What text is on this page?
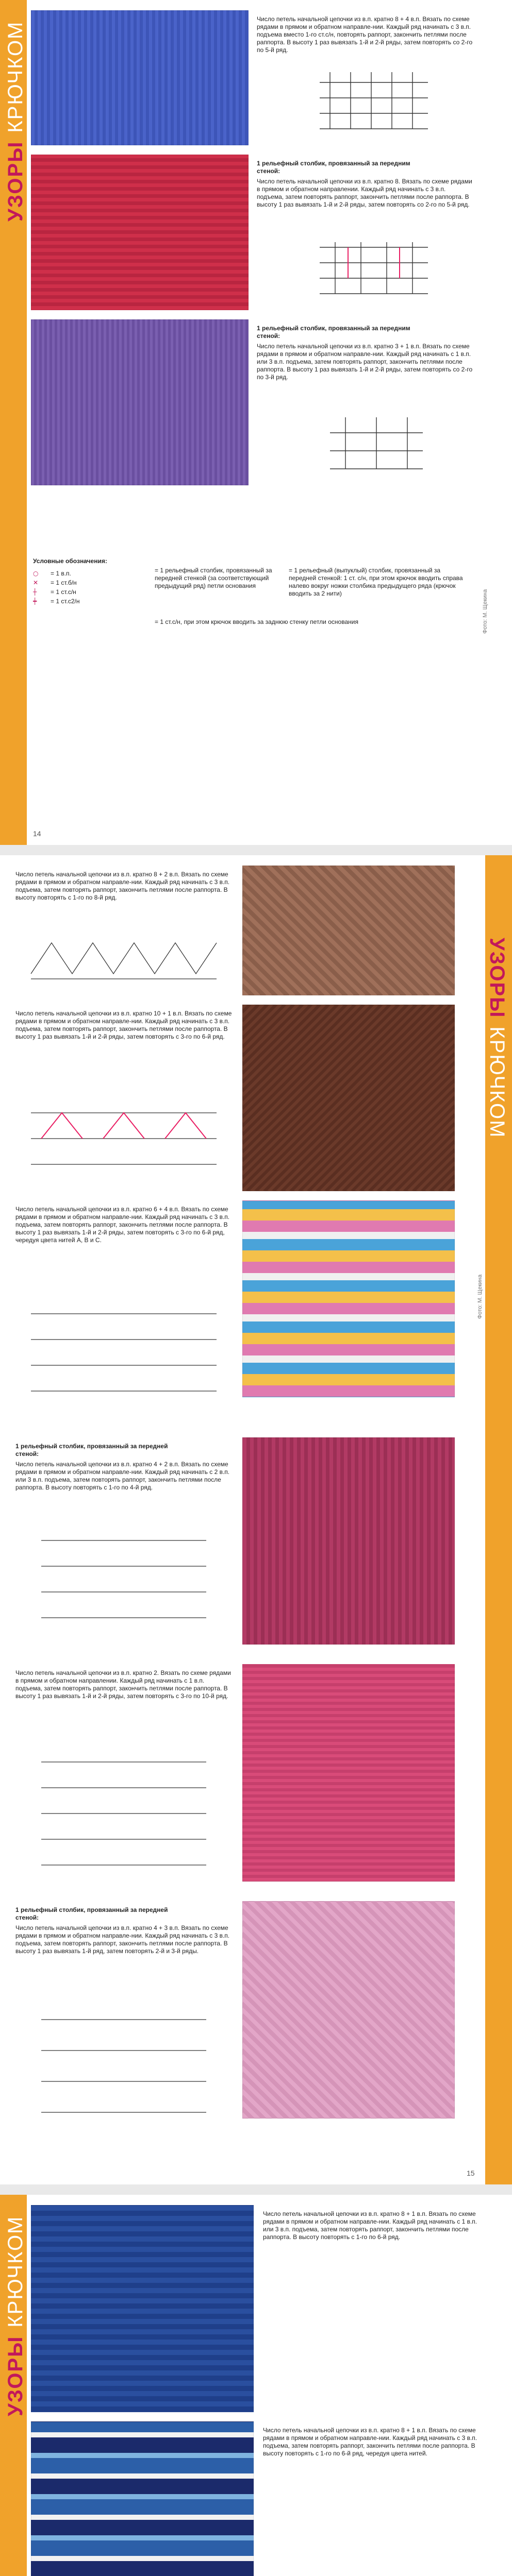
УЗОРЫКРЮЧКОМ
14
Фото: М. Щекина
Число петель начальной цепочки из в.п. кратно 8 + 4 в.п. Вязать по схеме рядами в прямом и обратном направле-нии. Каждый ряд начинать с 3 в.п. подъема вместо 1-го ст.с/н, повторять раппорт, закончить петлями после раппорта. В высоту 1 раз вывязать 1-й и 2-й ряды, затем повторять со 2-го по 5-й ряд.
1 рельефный столбик, провязанный за передним
стеной:
Число петель начальной цепочки из в.п. кратно 8. Вязать по схеме рядами в прямом и обратном направлении. Каждый ряд начинать с 3 в.п. подъема, затем повторять раппорт, закончить петлями после раппорта. В высоту 1 раз вывязать 1-й и 2-й ряды, затем повторять со 2-го по 5-й ряд.
1 рельефный столбик, провязанный за передним
стеной:
Число петель начальной цепочки из в.п. кратно 3 + 1 в.п. Вязать по схеме рядами в прямом и обратном направле-нии. Каждый ряд начинать с 1 в.п. или 3 в.п. подъема, затем повторять раппорт, закончить петлями после раппорта. В высоту 1 раз вывязать 1-й и 2-й ряды, затем повторять со 2-го по 3-й ряд.
Условные обозначения:
○ = 1 в.п.
✕ = 1 ст.б/н
┼ = 1 ст.с/н
┿ = 1 ст.с2/н
= 1 рельефный столбик, провязанный за передней стенкой (за соответствующий предыдущий ряд) петли основания
= 1 рельефный (выпуклый) столбик, провязанный за передней стенкой: 1 ст. с/н, при этом крючок вводить справа налево вокруг ножки столбика предыдущего ряда (крючок вводить за 2 нити)
= 1 ст.с/н, при этом крючок вводить за заднюю стенку петли основания
УЗОРЫКРЮЧКОМ
15
Фото: М. Щекина
Число петель начальной цепочки из в.п. кратно 8 + 2 в.п. Вязать по схеме рядами в прямом и обратном направле-нии. Каждый ряд начинать с 3 в.п. подъема, затем повторять раппорт, закончить петлями после раппорта. В высоту повторять с 1-го по 8-й ряд.
Число петель начальной цепочки из в.п. кратно 10 + 1 в.п. Вязать по схеме рядами в прямом и обратном направле-нии. Каждый ряд начинать с 3 в.п. подъема, затем повторять раппорт, закончить петлями после раппорта. В высоту 1 раз вывязать 1-й и 2-й ряды, затем повторять с 3-го по 6-й ряд.
Число петель начальной цепочки из в.п. кратно 6 + 4 в.п. Вязать по схеме рядами в прямом и обратном направле-нии. Каждый ряд начинать с 3 в.п. подъема, затем повторять раппорт, закончить петлями после раппорта. В высоту 1 раз вывязать 1-й и 2-й ряды, затем повторять с 3-го по 6-й ряд, чередуя цвета нитей А, В и С.
1 рельефный столбик, провязанный за передней
стеной:
Число петель начальной цепочки из в.п. кратно 4 + 2 в.п. Вязать по схеме рядами в прямом и обратном направле-нии. Каждый ряд начинать с 2 в.п. или 3 в.п. подъема, затем повторять раппорт, закончить петлями после раппорта. В высоту повторять с 1-го по 4-й ряд.
Число петель начальной цепочки из в.п. кратно 2. Вязать по схеме рядами в прямом и обратном направлении. Каждый ряд начинать с 1 в.п. подъема, затем повторять раппорт, закончить петлями после раппорта. В высоту 1 раз вывязать 1-й и 2-й ряды, затем повторять с 3-го по 10-й ряд.
1 рельефный столбик, провязанный за передней
стеной:
Число петель начальной цепочки из в.п. кратно 4 + 3 в.п. Вязать по схеме рядами в прямом и обратном направле-нии. Каждый ряд начинать с 3 в.п. подъема, затем повторять раппорт, закончить петлями после раппорта. В высоту 1 раз вывязать 1-й ряд, затем повторять 2-й и 3-й ряды.
УЗОРЫКРЮЧКОМ
Число петель начальной цепочки из в.п. кратно 8 + 1 в.п. Вязать по схеме рядами в прямом и обратном направле-нии. Каждый ряд начинать с 1 в.п. или 3 в.п. подъема, затем повторять раппорт, закончить петлями после раппорта. В высоту повторять с 1-го по 6-й ряд.
Число петель начальной цепочки из в.п. кратно 8 + 1 в.п. Вязать по схеме рядами в прямом и обратном направле-нии. Каждый ряд начинать с 3 в.п. подъема, затем повторять раппорт, закончить петлями после раппорта. В высоту повторять с 1-го по 6-й ряд, чередуя цвета нитей.
